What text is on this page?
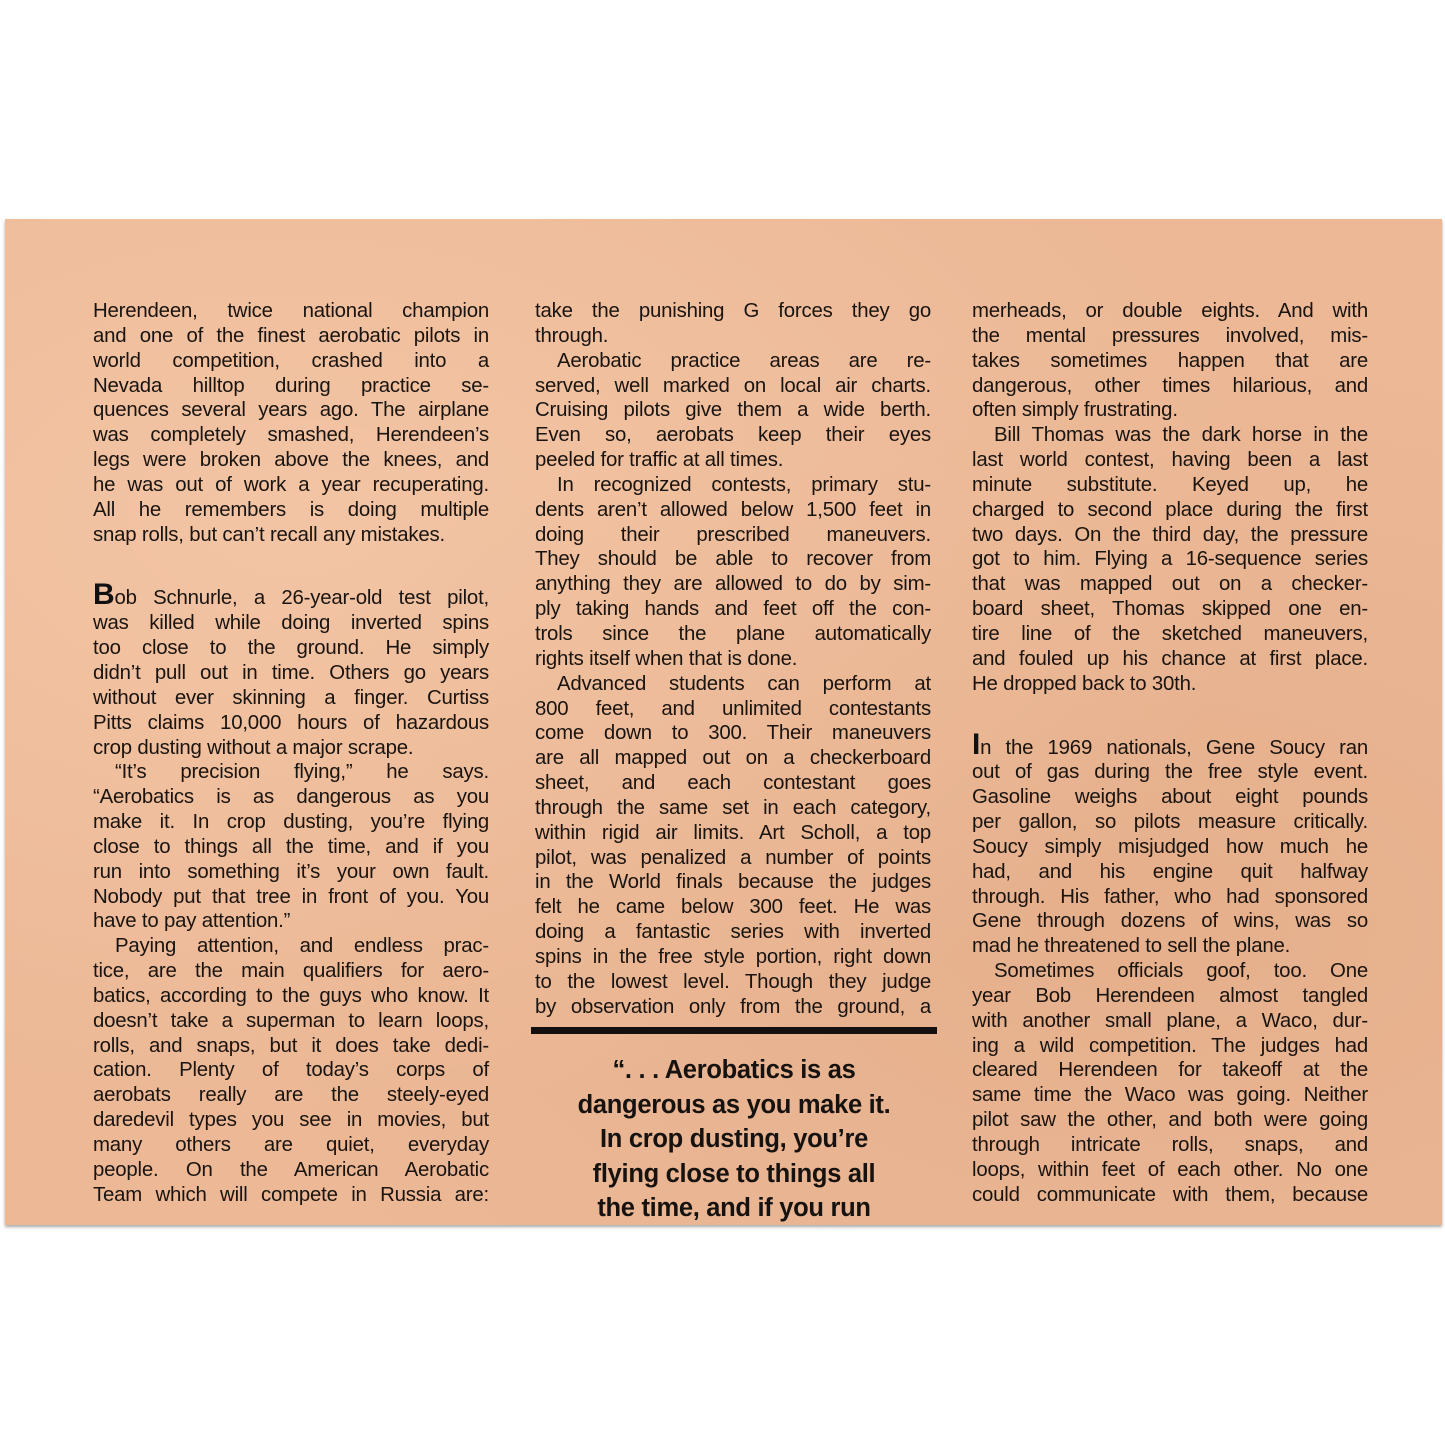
Herendeen, twice national champion
and one of the finest aerobatic pilots in
world competition, crashed into a
Nevada hilltop during practice se-
quences several years ago. The airplane
was completely smashed, Herendeen’s
legs were broken above the knees, and
he was out of work a year recuperating.
All he remembers is doing multiple
snap rolls, but can’t recall any mistakes.

Bob Schnurle, a 26-year-old test pilot,
was killed while doing inverted spins
too close to the ground. He simply
didn’t pull out in time. Others go years
without ever skinning a finger. Curtiss
Pitts claims 10,000 hours of hazardous
crop dusting without a major scrape.

“It’s precision flying,” he says.
“Aerobatics is as dangerous as you
make it. In crop dusting, you’re flying
close to things all the time, and if you
run into something it’s your own fault.
Nobody put that tree in front of you. You
have to pay attention.”

Paying attention, and endless prac-
tice, are the main qualifiers for aero-
batics, according to the guys who know. It
doesn’t take a superman to learn loops,
rolls, and snaps, but it does take dedi-
cation. Plenty of today’s corps of
aerobats really are the steely-eyed
daredevil types you see in movies, but
many others are quiet, everyday
people. On the American Aerobatic
Team which will compete in Russia are:

take the punishing G forces they go
through.

Aerobatic practice areas are re-
served, well marked on local air charts.
Cruising pilots give them a wide berth.
Even so, aerobats keep their eyes
peeled for traffic at all times.

In recognized contests, primary stu-
dents aren’t allowed below 1,500 feet in
doing their prescribed maneuvers.
They should be able to recover from
anything they are allowed to do by sim-
ply taking hands and feet off the con-
trols since the plane automatically
rights itself when that is done.

Advanced students can perform at
800 feet, and unlimited contestants
come down to 300. Their maneuvers
are all mapped out on a checkerboard
sheet, and each contestant goes
through the same set in each category,
within rigid air limits. Art Scholl, a top
pilot, was penalized a number of points
in the World finals because the judges
felt he came below 300 feet. He was
doing a fantastic series with inverted
spins in the free style portion, right down
to the lowest level. Though they judge
by observation only from the ground, a

“. . . Aerobatics is as
dangerous as you make it.
In crop dusting, you’re
flying close to things all
the time, and if you run

merheads, or double eights. And with
the mental pressures involved, mis-
takes sometimes happen that are
dangerous, other times hilarious, and
often simply frustrating.

Bill Thomas was the dark horse in the
last world contest, having been a last
minute substitute. Keyed up, he
charged to second place during the first
two days. On the third day, the pressure
got to him. Flying a 16-sequence series
that was mapped out on a checker-
board sheet, Thomas skipped one en-
tire line of the sketched maneuvers,
and fouled up his chance at first place.
He dropped back to 30th.

In the 1969 nationals, Gene Soucy ran
out of gas during the free style event.
Gasoline weighs about eight pounds
per gallon, so pilots measure critically.
Soucy simply misjudged how much he
had, and his engine quit halfway
through. His father, who had sponsored
Gene through dozens of wins, was so
mad he threatened to sell the plane.

Sometimes officials goof, too. One
year Bob Herendeen almost tangled
with another small plane, a Waco, dur-
ing a wild competition. The judges had
cleared Herendeen for takeoff at the
same time the Waco was going. Neither
pilot saw the other, and both were going
through intricate rolls, snaps, and
loops, within feet of each other. No one
could communicate with them, because
